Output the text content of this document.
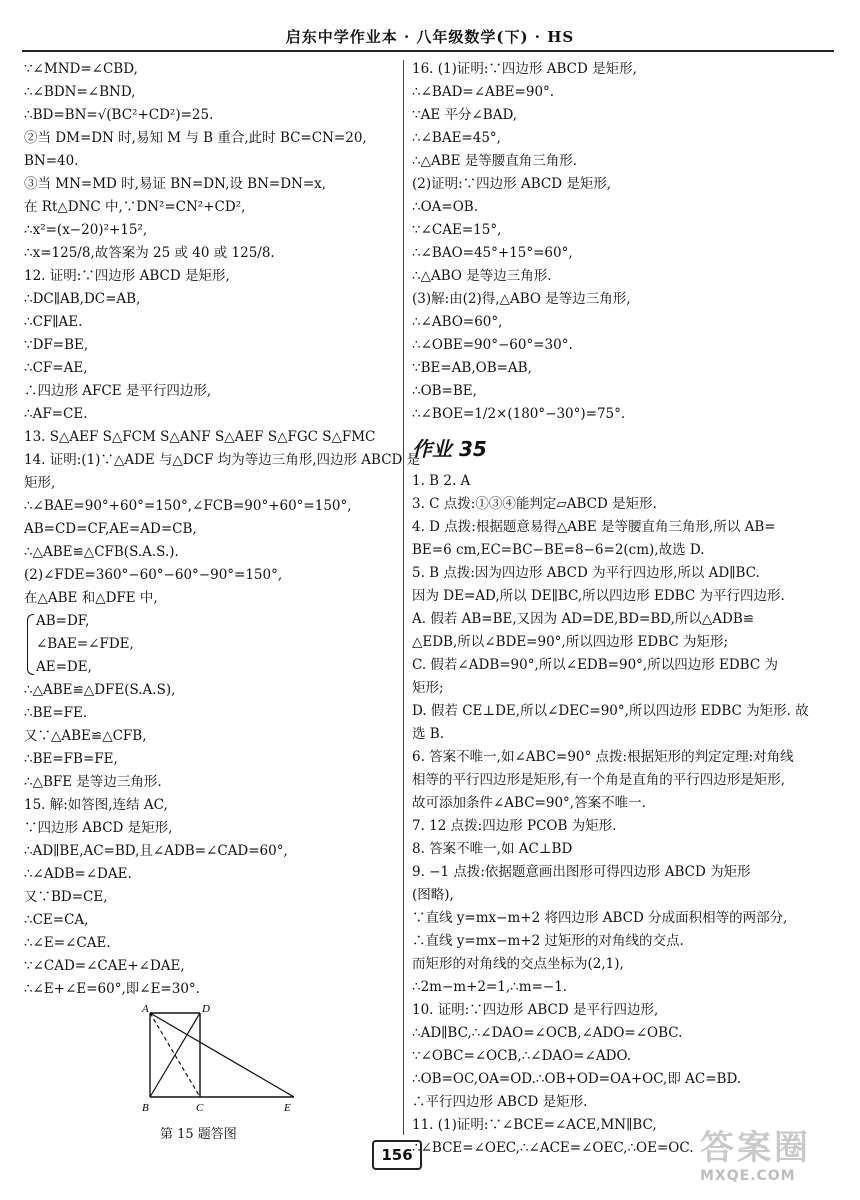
启东中学作业本 · 八年级数学(下) · HS
∵∠MND=∠CBD,
∴∠BDN=∠BND,
∴BD=BN=√(BC²+CD²)=25.
②当 DM=DN 时,易知 M 与 B 重合,此时 BC=CN=20,
BN=40.
③当 MN=MD 时,易证 BN=DN,设 BN=DN=x,
在 Rt△DNC 中,∵DN²=CN²+CD²,
∴x²=(x−20)²+15²,
∴x=125/8,故答案为 25 或 40 或 125/8.
12. 证明:∵四边形 ABCD 是矩形,
∴DC∥AB,DC=AB,
∴CF∥AE.
∵DF=BE,
∴CF=AE,
∴四边形 AFCE 是平行四边形,
∴AF=CE.
13. S△AEF S△FCM S△ANF S△AEF S△FGC S△FMC
14. 证明:(1)∵△ADE 与△DCF 均为等边三角形,四边形 ABCD 是
矩形,
∴∠BAE=90°+60°=150°,∠FCB=90°+60°=150°,
AB=CD=CF,AE=AD=CB,
∴△ABE≌△CFB(S.A.S.).
(2)∠FDE=360°−60°−60°−90°=150°,
在△ABE 和△DFE 中,
AB=DF,
∠BAE=∠FDE,
AE=DE,
∴△ABE≌△DFE(S.A.S),
∴BE=FE.
又∵△ABE≌△CFB,
∴BE=FB=FE,
∴△BFE 是等边三角形.
15. 解:如答图,连结 AC,
∵四边形 ABCD 是矩形,
∴AD∥BE,AC=BD,且∠ADB=∠CAD=60°,
∴∠ADB=∠DAE.
又∵BD=CE,
∴CE=CA,
∴∠E=∠CAE.
∵∠CAD=∠CAE+∠DAE,
∴∠E+∠E=60°,即∠E=30°.
A	D
B	C	E
第 15 题答图
16. (1)证明:∵四边形 ABCD 是矩形,
∴∠BAD=∠ABE=90°.
∵AE 平分∠BAD,
∴∠BAE=45°,
∴△ABE 是等腰直角三角形.
(2)证明:∵四边形 ABCD 是矩形,
∴OA=OB.
∵∠CAE=15°,
∴∠BAO=45°+15°=60°,
∴△ABO 是等边三角形.
(3)解:由(2)得,△ABO 是等边三角形,
∴∠ABO=60°,
∴∠OBE=90°−60°=30°.
∵BE=AB,OB=AB,
∴OB=BE,
∴∠BOE=1/2×(180°−30°)=75°.
作业 35
1. B 2. A
3. C 点拨:①③④能判定▱ABCD 是矩形.
4. D 点拨:根据题意易得△ABE 是等腰直角三角形,所以 AB=
BE=6 cm,EC=BC−BE=8−6=2(cm),故选 D.
5. B 点拨:因为四边形 ABCD 为平行四边形,所以 AD∥BC.
因为 DE=AD,所以 DE∥BC,所以四边形 EDBC 为平行四边形.
A. 假若 AB=BE,又因为 AD=DE,BD=BD,所以△ADB≌
△EDB,所以∠BDE=90°,所以四边形 EDBC 为矩形;
C. 假若∠ADB=90°,所以∠EDB=90°,所以四边形 EDBC 为
矩形;
D. 假若 CE⊥DE,所以∠DEC=90°,所以四边形 EDBC 为矩形. 故
选 B.
6. 答案不唯一,如∠ABC=90° 点拨:根据矩形的判定定理:对角线
相等的平行四边形是矩形,有一个角是直角的平行四边形是矩形,
故可添加条件∠ABC=90°,答案不唯一.
7. 12 点拨:四边形 PCOB 为矩形.
8. 答案不唯一,如 AC⊥BD
9. −1 点拨:依据题意画出图形可得四边形 ABCD 为矩形
(图略),
∵直线 y=mx−m+2 将四边形 ABCD 分成面积相等的两部分,
∴直线 y=mx−m+2 过矩形的对角线的交点.
而矩形的对角线的交点坐标为(2,1),
∴2m−m+2=1,∴m=−1.
10. 证明:∵四边形 ABCD 是平行四边形,
∴AD∥BC,∴∠DAO=∠OCB,∠ADO=∠OBC.
∵∠OBC=∠OCB,∴∠DAO=∠ADO.
∴OB=OC,OA=OD.∴OB+OD=OA+OC,即 AC=BD.
∴平行四边形 ABCD 是矩形.
11. (1)证明:∵∠BCE=∠ACE,MN∥BC,
∴∠BCE=∠OEC,∴∠ACE=∠OEC,∴OE=OC.
156	答案圈
MXQE.COM
